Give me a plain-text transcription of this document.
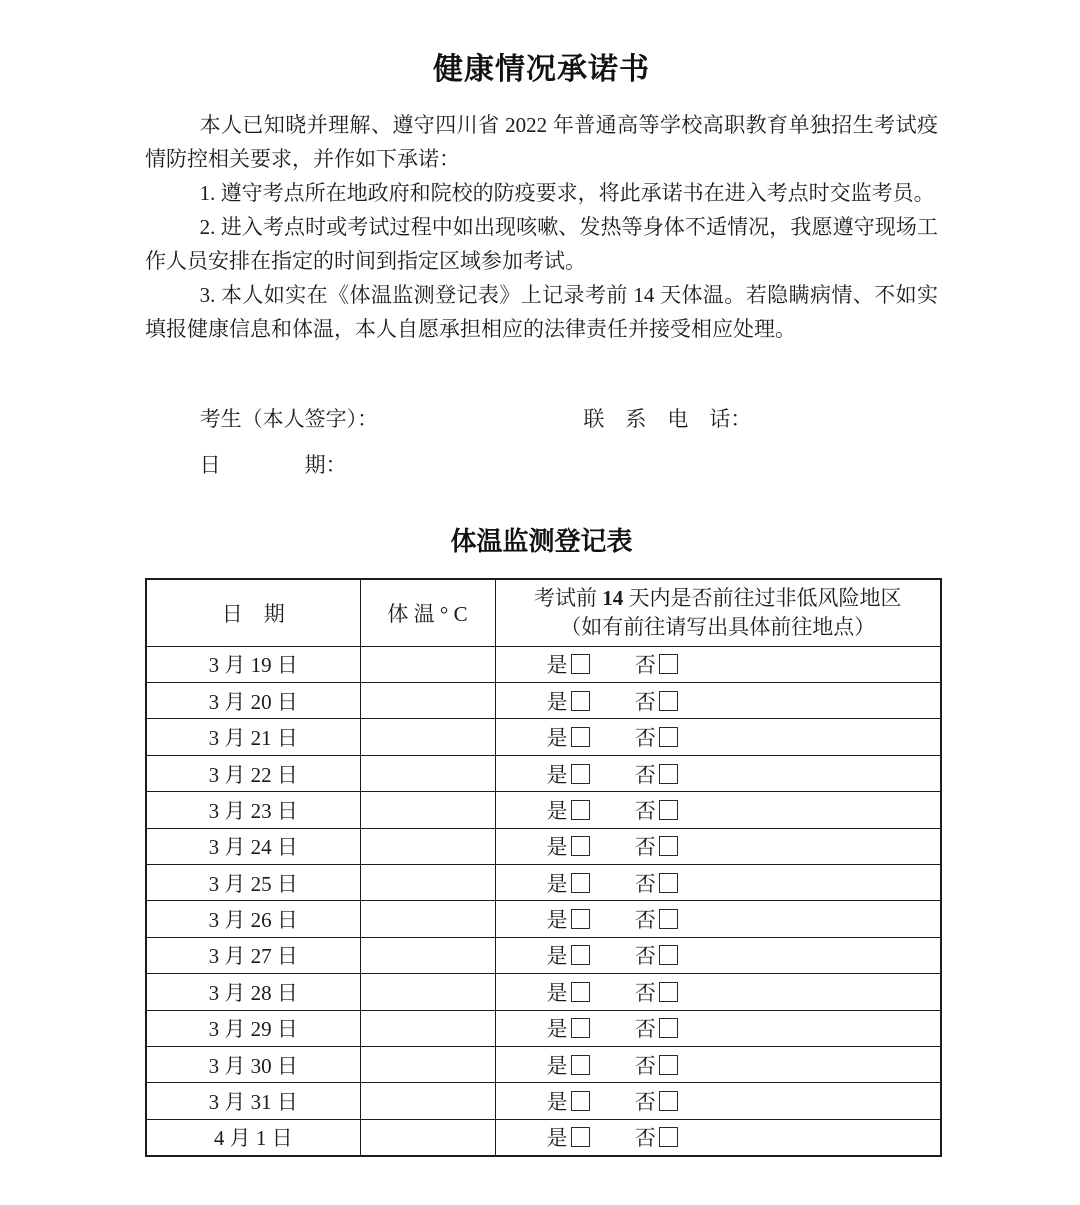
健康情况承诺书

本人已知晓并理解、遵守四川省 2022 年普通高等学校高职教育单独招生考试疫情防控相关要求，并作如下承诺：

1. 遵守考点所在地政府和院校的防疫要求，将此承诺书在进入考点时交监考员。

2. 进入考点时或考试过程中如出现咳嗽、发热等身体不适情况，我愿遵守现场工作人员安排在指定的时间到指定区域参加考试。

3. 本人如实在《体温监测登记表》上记录考前 14 天体温。若隐瞒病情、不如实填报健康信息和体温，本人自愿承担相应的法律责任并接受相应处理。

考生（本人签字）：	联　系　电　话：
日　　　　期：
体温监测登记表
日　期	体 温 ° C	考试前 14 天内是否前往过非低风险地区
（如有前往请写出具体前往地点）
3 月 19 日		是 否
3 月 20 日		是 否
3 月 21 日		是 否
3 月 22 日		是 否
3 月 23 日		是 否
3 月 24 日		是 否
3 月 25 日		是 否
3 月 26 日		是 否
3 月 27 日		是 否
3 月 28 日		是 否
3 月 29 日		是 否
3 月 30 日		是 否
3 月 31 日		是 否
4 月 1 日		是 否
